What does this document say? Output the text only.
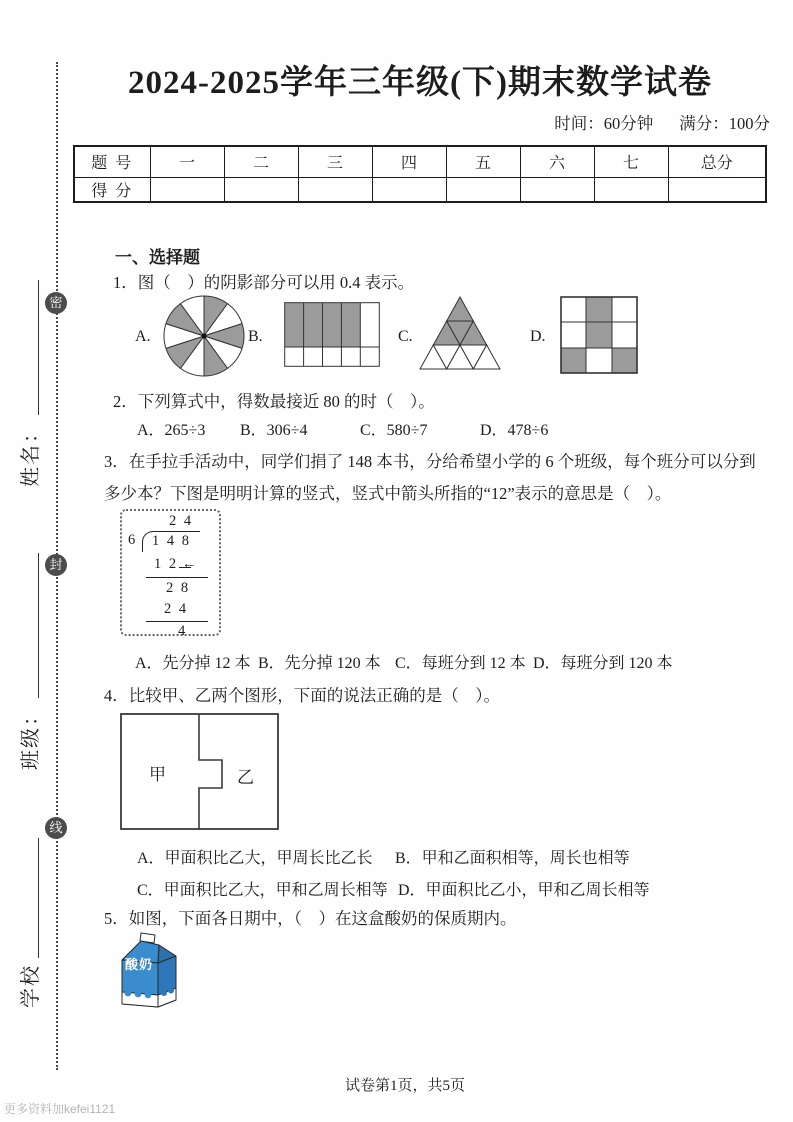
姓名：
班级：
学校
密
封
线
2024-2025学年三年级(下)期末数学试卷
时间：60分钟 满分：100分
题 号	一	二	三	四	五	六	七	总分
得 分								
一、选择题
1．图（　）的阴影部分可以用 0.4 表示。
A.	B.	C.	D.
2．下列算式中，得数最接近 80 的时（　）。
A．265÷3 B．306÷4	C．580÷7	D．478÷6
3．在手拉手活动中，同学们捐了 148 本书，分给希望小学的 6 个班级，每个班分可以分到
多少本？下图是明明计算的竖式，竖式中箭头所指的“12”表示的意思是（　）。
2 4
6	1 4 8
1 2 ←
2 8
2 4
4
A．先分掉 12 本 B．先分掉 120 本 C．每班分到 12 本 D．每班分到 120 本
4．比较甲、乙两个图形，下面的说法正确的是（　）。
甲	乙
A．甲面积比乙大，甲周长比乙长 B．甲和乙面积相等，周长也相等
C．甲面积比乙大，甲和乙周长相等 D．甲面积比乙小，甲和乙周长相等
5．如图，下面各日期中，（　）在这盒酸奶的保质期内。
酸奶
试卷第1页，共5页
更多资料加kefei1121
